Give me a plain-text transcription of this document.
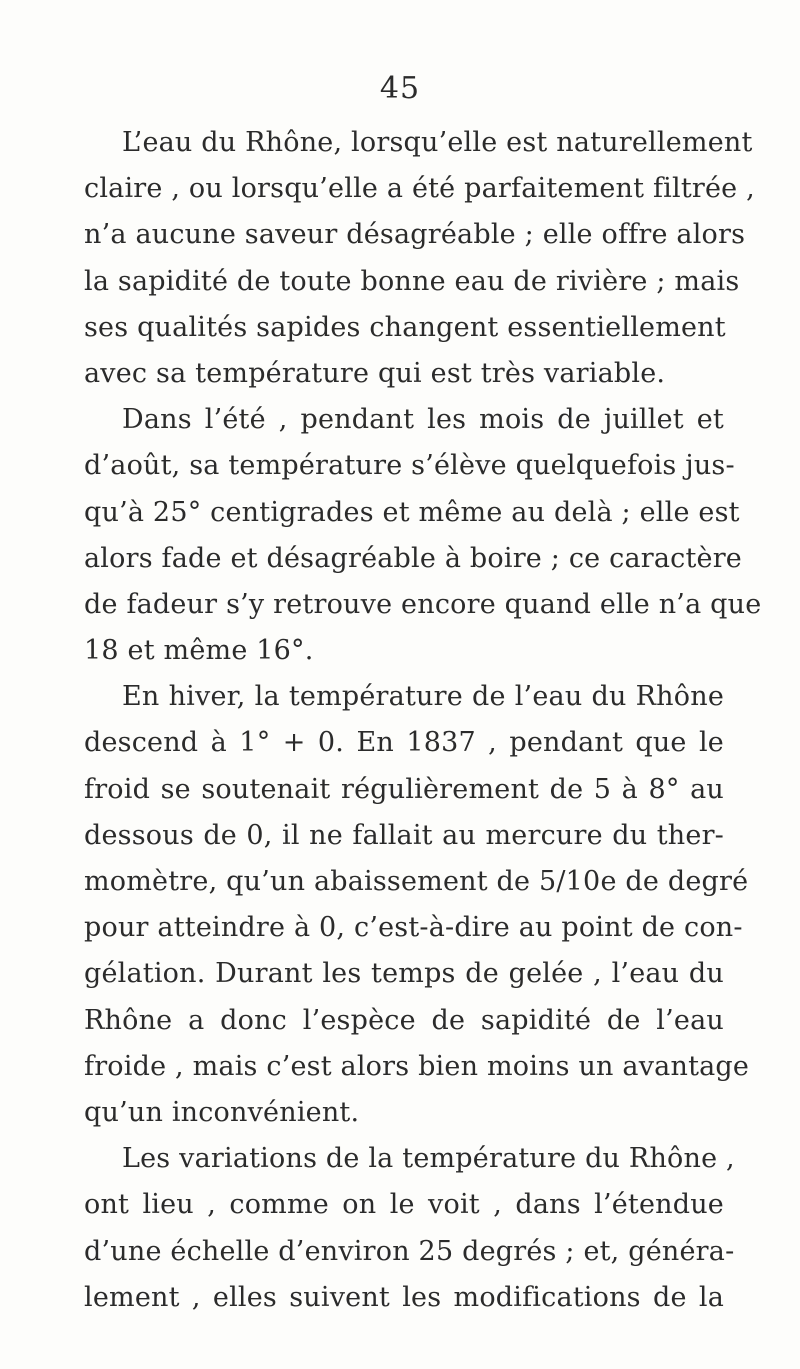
45
L’eau du Rhône, lorsqu’elle est naturellement
claire , ou lorsqu’elle a été parfaitement filtrée ,
n’a aucune saveur désagréable ; elle offre alors
la sapidité de toute bonne eau de rivière ; mais
ses qualités sapides changent essentiellement
avec sa température qui est très variable.
Dans l’été , pendant les mois de juillet et
d’août, sa température s’élève quelquefois jus-
qu’à 25° centigrades et même au delà ; elle est
alors fade et désagréable à boire ; ce caractère
de fadeur s’y retrouve encore quand elle n’a que
18 et même 16°.
En hiver, la température de l’eau du Rhône
descend à 1° + 0. En 1837 , pendant que le
froid se soutenait régulièrement de 5 à 8° au
dessous de 0, il ne fallait au mercure du ther-
momètre, qu’un abaissement de 5/10e de degré
pour atteindre à 0, c’est-à-dire au point de con-
gélation. Durant les temps de gelée , l’eau du
Rhône a donc l’espèce de sapidité de l’eau
froide , mais c’est alors bien moins un avantage
qu’un inconvénient.
Les variations de la température du Rhône ,
ont lieu , comme on le voit , dans l’étendue
d’une échelle d’environ 25 degrés ; et, généra-
lement , elles suivent les modifications de la
